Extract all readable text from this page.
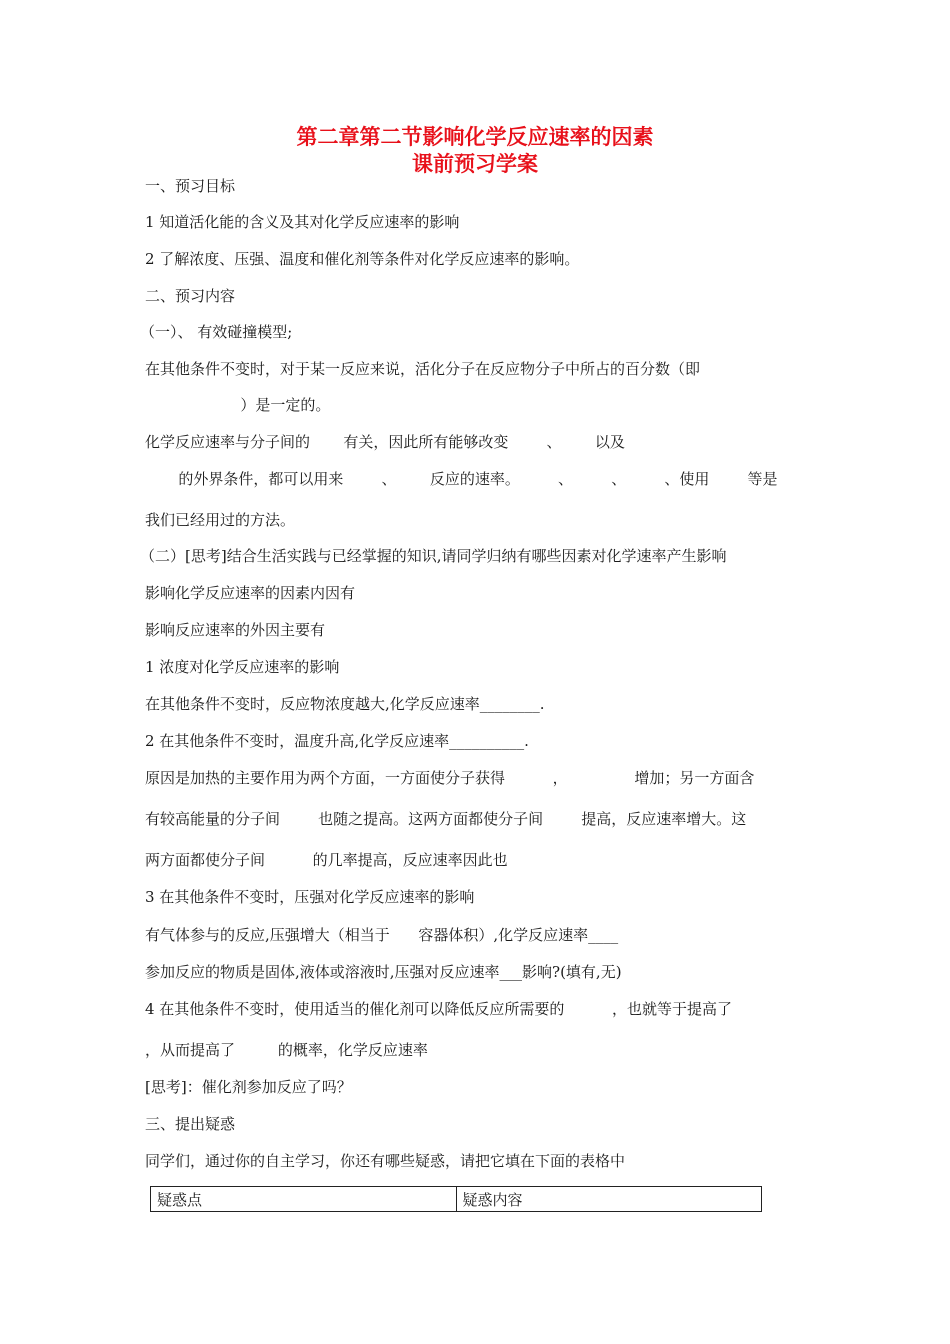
第二章第二节影响化学反应速率的因素
课前预习学案
一、预习目标
1 知道活化能的含义及其对化学反应速率的影响
2 了解浓度、压强、温度和催化剂等条件对化学反应速率的影响。
二、预习内容
（一）、 有效碰撞模型;
在其他条件不变时，对于某一反应来说，活化分子在反应物分子中所占的百分数（即
）是一定的。
化学反应速率与分子间的       有关，因此所有能够改变        、       以及
的外界条件，都可以用来        、       反应的速率。        、        、        、使用        等是
我们已经用过的方法。
（二）[思考]结合生活实践与已经掌握的知识,请同学归纳有哪些因素对化学速率产生影响
影响化学反应速率的因素内因有
影响反应速率的外因主要有
1 浓度对化学反应速率的影响
在其他条件不变时，反应物浓度越大,化学反应速率________.
2 在其他条件不变时，温度升高,化学反应速率__________.
原因是加热的主要作用为两个方面，一方面使分子获得          ，              增加；另一方面含
有较高能量的分子间        也随之提高。这两方面都使分子间        提高，反应速率增大。这
两方面都使分子间          的几率提高，反应速率因此也
3 在其他条件不变时，压强对化学反应速率的影响
有气体参与的反应,压强增大（相当于      容器体积）,化学反应速率____
参加反应的物质是固体,液体或溶液时,压强对反应速率___影响?(填有,无)
4 在其他条件不变时，使用适当的催化剂可以降低反应所需要的          ，也就等于提高了
，从而提高了         的概率，化学反应速率
[思考]：催化剂参加反应了吗？
三、提出疑惑
同学们，通过你的自主学习，你还有哪些疑惑，请把它填在下面的表格中
疑惑点	疑惑内容
